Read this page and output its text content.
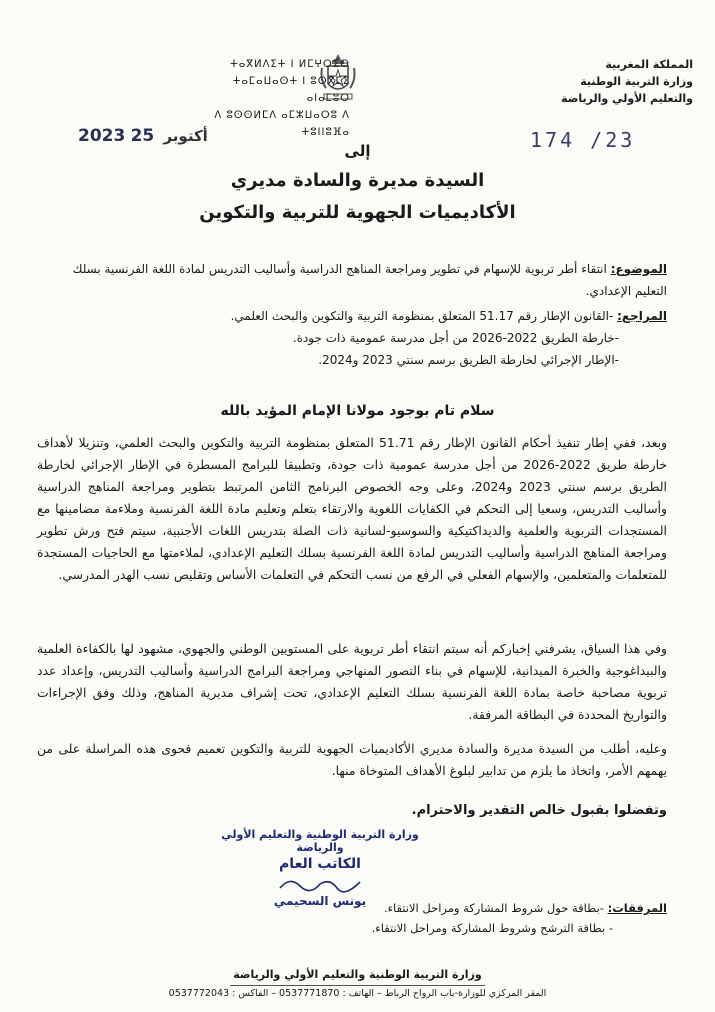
المملكة المغربية
وزارة التربية الوطنية
والتعليم الأولي والرياضة
ⵜⴰⴳⵍⴷⵉⵜ ⵏ ⵍⵎⵖⵔⵉⴱ
ⵜⴰⵎⴰⵡⴰⵙⵜ ⵏ ⵓⵙⴳⵎⵉ ⴰⵏⴰⵎⵓⵔ
ⴷ ⵓⵙⵙⵍⵎⴷ ⴰⵎⵣⵡⴰⵔⵓ ⴷ ⵜⵓⵏⵏⵓⴼⴰ
2023	أكتوبر 25	174 /23
إلى
السيدة مديرة والسادة مديري
الأكاديميات الجهوية للتربية والتكوين
الموضوع: انتقاء أطر تربوية للإسهام في تطوير ومراجعة المناهج الدراسية وأساليب التدريس لمادة اللغة الفرنسية بسلك التعليم الإعدادي.
المراجع: -القانون الإطار رقم 51.17 المتعلق بمنظومة التربية والتكوين والبحث العلمي.
-خارطة الطريق 2022-2026 من أجل مدرسة عمومية ذات جودة.
-الإطار الإجرائي لخارطة الطريق برسم سنتي 2023 و2024.
سلام تام بوجود مولانا الإمام المؤيد بالله
وبعد، ففي إطار تنفيذ أحكام القانون الإطار رقم 51.71 المتعلق بمنظومة التربية والتكوين والبحث العلمي، وتنزيلا لأهداف خارطة طريق 2022-2026 من أجل مدرسة عمومية ذات جودة، وتطبيقا للبرامج المسطرة في الإطار الإجرائي لخارطة الطريق برسم سنتي 2023 و2024، وعلى وجه الخصوص البرنامج الثامن المرتبط بتطوير ومراجعة المناهج الدراسية وأساليب التدريس، وسعيا إلى التحكم في الكفايات اللغوية والارتقاء بتعلم وتعليم مادة اللغة الفرنسية وملاءمة مضامينها مع المستجدات التربوية والعلمية والديداكتيكية والسوسيو-لسانية ذات الصلة بتدريس اللغات الأجنبية، سيتم فتح ورش تطوير ومراجعة المناهج الدراسية وأساليب التدريس لمادة اللغة الفرنسية بسلك التعليم الإعدادي، لملاءمتها مع الحاجيات المستجدة للمتعلمات والمتعلمين، والإسهام الفعلي في الرفع من نسب التحكم في التعلمات الأساس وتقليص نسب الهدر المدرسي.
وفي هذا السياق، يشرفني إخباركم أنه سيتم انتقاء أطر تربوية على المستويين الوطني والجهوي، مشهود لها بالكفاءة العلمية والبيداغوجية والخبرة الميدانية، للإسهام في بناء التصور المنهاجي ومراجعة البرامج الدراسية وأساليب التدريس، وإعداد عدد تربوية مصاحبة خاصة بمادة اللغة الفرنسية بسلك التعليم الإعدادي، تحت إشراف مديرية المناهج، وذلك وفق الإجراءات والتواريخ المحددة في البطاقة المرفقة.
وعليه، أطلب من السيدة مديرة والسادة مديري الأكاديميات الجهوية للتربية والتكوين تعميم فحوى هذه المراسلة على من يهمهم الأمر، واتخاذ ما يلزم من تدابير لبلوغ الأهداف المتوخاة منها.
وتفضلوا بقبول خالص التقدير والاحترام.
وزارة التربية الوطنية والتعليم الأولي والرياضة
الكاتب العام
يونس السحيمي	المرفقات: -بطاقة حول شروط المشاركة ومراحل الانتقاء.
- بطاقة الترشح وشروط المشاركة ومراحل الانتقاء.
وزارة التربية الوطنية والتعليم الأولي والرياضة
المقر المركزي للوزارة-باب الرواح الرباط – الهاتف : 0537771870 – الفاكس : 0537772043
